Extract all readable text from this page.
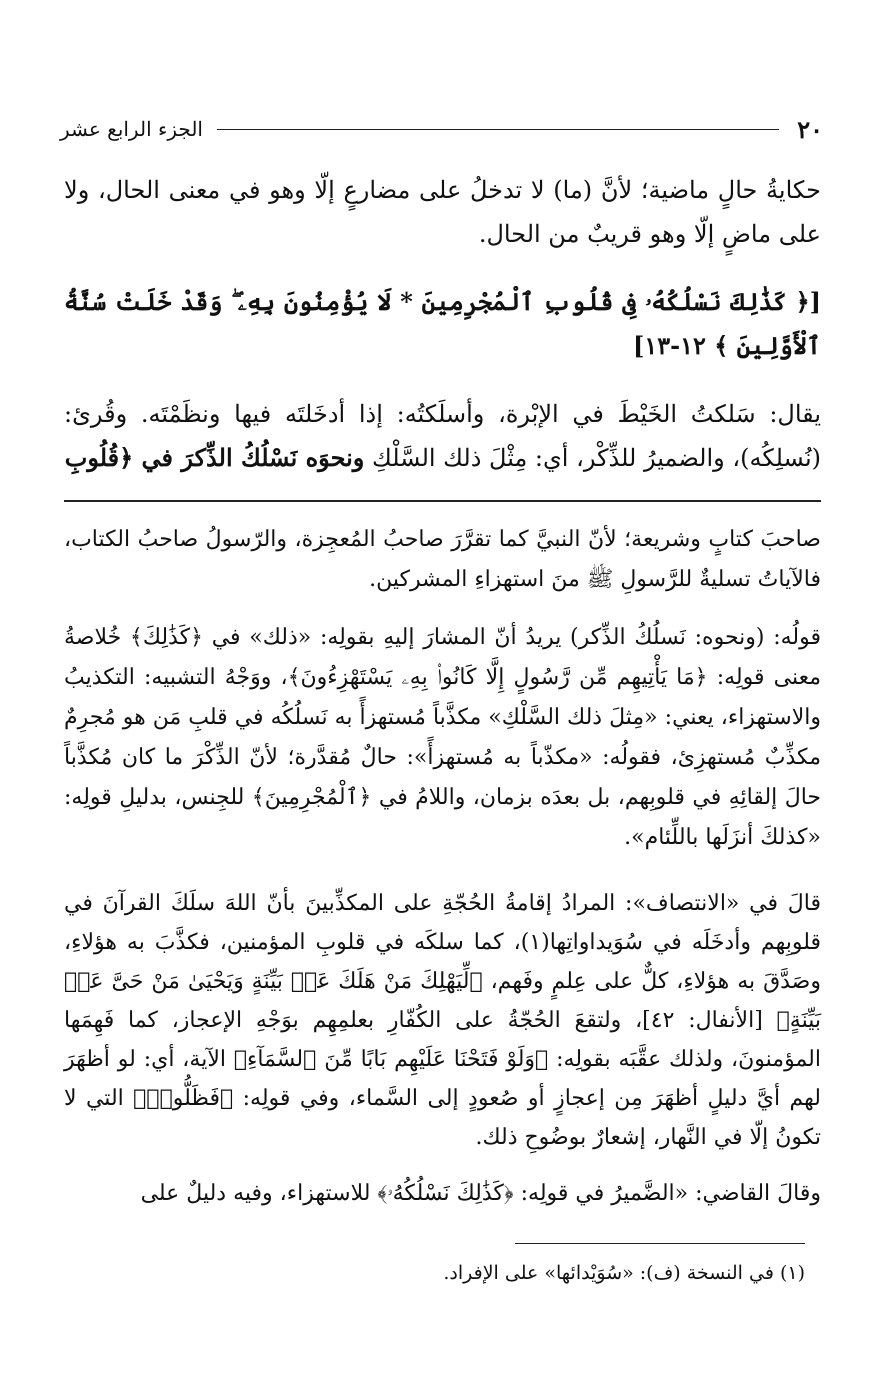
٢٠
الجزء الرابع عشر

حكايةُ حالٍ ماضية؛ لأنَّ (ما) لا تدخلُ على مضارعٍ إلّا وهو في معنى الحال، ولا على ماضٍ إلّا وهو قريبٌ من الحال.

[﴿ كَذَٰلِكَ نَسْلُكُهُۥ فِى قُلُوبِ ٱلْمُجْرِمِينَ * لَا يُؤْمِنُونَ بِهِۦ ۖ وَقَدْ خَلَتْ سُنَّةُ ٱلْأَوَّلِينَ ﴾ ١٢-١٣]

يقال: سَلكتُ الخَيْطَ في الإبْرة، وأسلَكتُه: إذا أدخَلتَه فيها ونظَمْتَه. وقُرئ: (نُسلِكُه)، والضميرُ للذِّكْر، أي: مِثْلَ ذلك السَّلْكِ ونحوَه نَسْلُكُ الذِّكرَ في ﴿قُلُوبِ

صاحبَ كتابٍ وشريعة؛ لأنّ النبيَّ كما تقرَّرَ صاحبُ المُعجِزة، والرّسولُ صاحبُ الكتاب، فالآياتُ تسليةٌ للرَّسولِ ﷺ منَ استهزاءِ المشركين.

قولُه: (ونحوه: نَسلُكُ الذِّكر) يريدُ أنّ المشارَ إليهِ بقولِه: «ذلك» في ﴿كَذَٰلِكَ﴾ خُلاصةُ معنى قولِه: ﴿مَا يَأْتِيهِم مِّن رَّسُولٍ إِلَّا كَانُوا۟ بِهِۦ يَسْتَهْزِءُونَ﴾، ووَجْهُ التشبيه: التكذيبُ والاستهزاء، يعني: «مِثلَ ذلك السَّلْكِ» مكذَّباً مُستهزأً به نَسلُكُه في قلبِ مَن هو مُجرِمٌ مكذِّبٌ مُستهزِئ، فقولُه: «مكذّباً به مُستهزأً»: حالٌ مُقدَّرة؛ لأنّ الذِّكْرَ ما كان مُكذَّباً حالَ إلقائِهِ في قلوبِهم، بل بعدَه بزمان، واللامُ في ﴿ٱلْمُجْرِمِينَ﴾ للجِنس، بدليلِ قولِه: «كذلكَ أنزَلَها باللِّئام».

قالَ في «الانتصاف»: المرادُ إقامةُ الحُجّةِ على المكذِّبينَ بأنّ اللهَ سلَكَ القرآنَ في قلوبِهم وأدخَلَه في سُوَيداواتِها(١)، كما سلكَه في قلوبِ المؤمنين، فكذَّبَ به هؤلاءِ، وصَدَّقَ به هؤلاءِ، كلٌّ على عِلمٍ وفَهم، ﴿لِّيَهْلِكَ مَنْ هَلَكَ عَنۢ بَيِّنَةٍ وَيَحْيَىٰ مَنْ حَىَّ عَنۢ بَيِّنَةٍ﴾ [الأنفال: ٤٢]، ولتقعَ الحُجّةُ على الكُفّارِ بعلمِهِم بوَجْهِ الإعجاز، كما فَهِمَها المؤمنونَ، ولذلك عقَّبَه بقولِه: ﴿وَلَوْ فَتَحْنَا عَلَيْهِم بَابًا مِّنَ ٱلسَّمَآءِ﴾ الآية، أي: لو أظهَرَ لهم أيَّ دليلٍ أظهَرَ مِن إعجازٍ أو صُعودٍ إلى السَّماء، وفي قولِه: ﴿فَظَلُّوا۟﴾ التي لا تكونُ إلّا في النَّهار، إشعارٌ بوضُوحِ ذلك.

وقالَ القاضي: «الضَّميرُ في قولِه: ﴿كَذَٰلِكَ نَسْلُكُهُۥ﴾ للاستهزاء، وفيه دليلٌ على

(١) في النسخة (ف): «سُوَيْدائها» على الإفراد.
